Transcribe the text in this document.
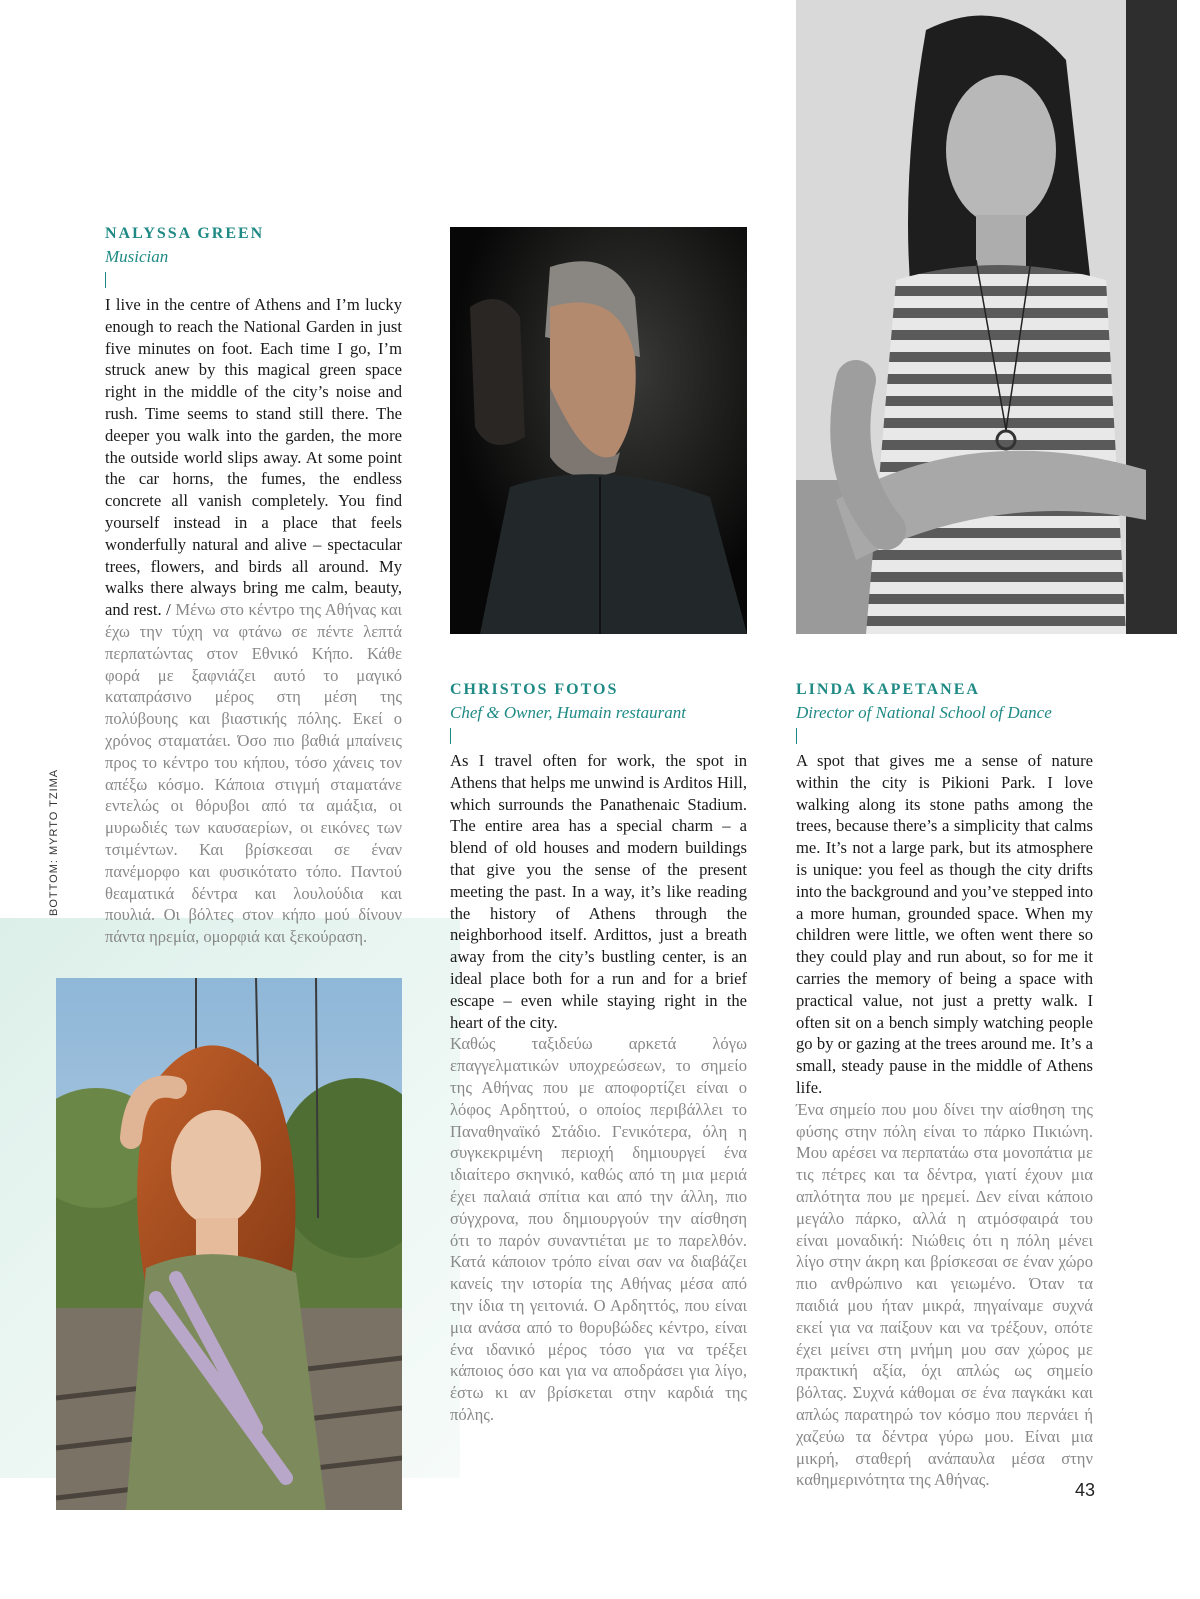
NALYSSA GREEN
Musician

I live in the centre of Athens and I’m lucky enough to reach the National Garden in just five minutes on foot. Each time I go, I’m struck anew by this magical green space right in the middle of the city’s noise and rush. Time seems to stand still there. The deeper you walk into the garden, the more the outside world slips away. At some point the car horns, the fumes, the endless concrete all vanish completely. You find yourself instead in a place that feels wonderfully natural and alive – spectacular trees, flowers, and birds all around. My walks there always bring me calm, beauty, and rest. / Μένω στο κέντρο της Αθήνας και έχω την τύχη να φτάνω σε πέντε λεπτά περπατώντας στον Εθνικό Κήπο. Κάθε φορά με ξαφνιάζει αυτό το μαγικό καταπράσινο μέρος στη μέση της πολύβουης και βιαστικής πόλης. Εκεί ο χρόνος σταματάει. Όσο πιο βαθιά μπαίνεις προς το κέντρο του κήπου, τόσο χάνεις τον απέξω κόσμο. Κάποια στιγμή σταματάνε εντελώς οι θόρυβοι από τα αμάξια, οι μυρωδιές των καυσαερίων, οι εικόνες των τσιμέντων. Και βρίσκεσαι σε έναν πανέμορφο και φυσικότατο τόπο. Παντού θεαματικά δέντρα και λουλούδια και πουλιά. Οι βόλτες στον κήπο μού δίνουν πάντα ηρεμία, ομορφιά και ξεκούραση.

CHRISTOS FOTOS
Chef & Owner, Humain restaurant

As I travel often for work, the spot in Athens that helps me unwind is Arditos Hill, which surrounds the Panathenaic Stadium. The entire area has a special charm – a blend of old houses and modern buildings that give you the sense of the present meeting the past. In a way, it’s like reading the history of Athens through the neighborhood itself. Ardittos, just a breath away from the city’s bustling center, is an ideal place both for a run and for a brief escape – even while staying right in the heart of the city.

Καθώς ταξιδεύω αρκετά λόγω επαγγελματικών υποχρεώσεων, το σημείο της Αθήνας που με αποφορτίζει είναι ο λόφος Αρδηττού, ο οποίος περιβάλλει το Παναθηναϊκό Στάδιο. Γενικότερα, όλη η συγκεκριμένη περιοχή δημιουργεί ένα ιδιαίτερο σκηνικό, καθώς από τη μια μεριά έχει παλαιά σπίτια και από την άλλη, πιο σύγχρονα, που δημιουργούν την αίσθηση ότι το παρόν συναντιέται με το παρελθόν. Κατά κάποιον τρόπο είναι σαν να διαβάζει κανείς την ιστορία της Αθήνας μέσα από την ίδια τη γειτονιά. Ο Αρδηττός, που είναι μια ανάσα από το θορυβώδες κέντρο, είναι ένα ιδανικό μέρος τόσο για να τρέξει κάποιος όσο και για να αποδράσει για λίγο, έστω κι αν βρίσκεται στην καρδιά της πόλης.

LINDA KAPETANEA
Director of National School of Dance

A spot that gives me a sense of nature within the city is Pikioni Park. I love walking along its stone paths among the trees, because there’s a simplicity that calms me. It’s not a large park, but its atmosphere is unique: you feel as though the city drifts into the background and you’ve stepped into a more human, grounded space. When my children were little, we often went there so they could play and run about, so for me it carries the memory of being a space with practical value, not just a pretty walk. I often sit on a bench simply watching people go by or gazing at the trees around me. It’s a small, steady pause in the middle of Athens life.

Ένα σημείο που μου δίνει την αίσθηση της φύσης στην πόλη είναι το πάρκο Πικιώνη. Μου αρέσει να περπατάω στα μονοπάτια με τις πέτρες και τα δέντρα, γιατί έχουν μια απλότητα που με ηρεμεί. Δεν είναι κάποιο μεγάλο πάρκο, αλλά η ατμόσφαιρά του είναι μοναδική: Νιώθεις ότι η πόλη μένει λίγο στην άκρη και βρίσκεσαι σε έναν χώρο πιο ανθρώπινο και γειωμένο. Όταν τα παιδιά μου ήταν μικρά, πηγαίναμε συχνά εκεί για να παίξουν και να τρέξουν, οπότε έχει μείνει στη μνήμη μου σαν χώρος με πρακτική αξία, όχι απλώς ως σημείο βόλτας. Συχνά κάθομαι σε ένα παγκάκι και απλώς παρατηρώ τον κόσμο που περνάει ή χαζεύω τα δέντρα γύρω μου. Είναι μια μικρή, σταθερή ανάπαυλα μέσα στην καθημερινότητα της Αθήνας.

BOTTOM: MYRTO TZIMA
43
